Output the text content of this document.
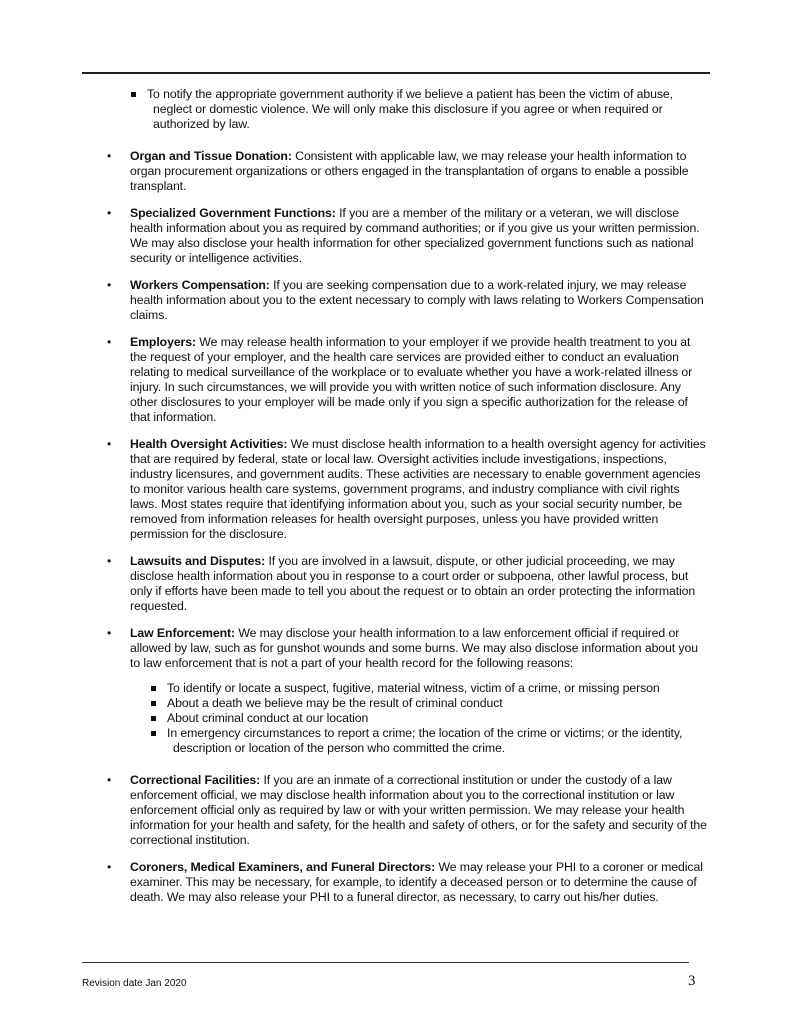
To notify the appropriate government authority if we believe a patient has been the victim of abuse, neglect or domestic violence. We will only make this disclosure if you agree or when required or authorized by law.
• Organ and Tissue Donation: Consistent with applicable law, we may release your health information to organ procurement organizations or others engaged in the transplantation of organs to enable a possible transplant.
• Specialized Government Functions: If you are a member of the military or a veteran, we will disclose health information about you as required by command authorities; or if you give us your written permission. We may also disclose your health information for other specialized government functions such as national security or intelligence activities.
• Workers Compensation: If you are seeking compensation due to a work-related injury, we may release health information about you to the extent necessary to comply with laws relating to Workers Compensation claims.
• Employers: We may release health information to your employer if we provide health treatment to you at the request of your employer, and the health care services are provided either to conduct an evaluation relating to medical surveillance of the workplace or to evaluate whether you have a work-related illness or injury. In such circumstances, we will provide you with written notice of such information disclosure. Any other disclosures to your employer will be made only if you sign a specific authorization for the release of that information.
• Health Oversight Activities: We must disclose health information to a health oversight agency for activities that are required by federal, state or local law. Oversight activities include investigations, inspections, industry licensures, and government audits. These activities are necessary to enable government agencies to monitor various health care systems, government programs, and industry compliance with civil rights laws. Most states require that identifying information about you, such as your social security number, be removed from information releases for health oversight purposes, unless you have provided written permission for the disclosure.
• Lawsuits and Disputes: If you are involved in a lawsuit, dispute, or other judicial proceeding, we may disclose health information about you in response to a court order or subpoena, other lawful process, but only if efforts have been made to tell you about the request or to obtain an order protecting the information requested.
• Law Enforcement: We may disclose your health information to a law enforcement official if required or allowed by law, such as for gunshot wounds and some burns. We may also disclose information about you to law enforcement that is not a part of your health record for the following reasons:
To identify or locate a suspect, fugitive, material witness, victim of a crime, or missing person
About a death we believe may be the result of criminal conduct
About criminal conduct at our location
In emergency circumstances to report a crime; the location of the crime or victims; or the identity, description or location of the person who committed the crime.
• Correctional Facilities: If you are an inmate of a correctional institution or under the custody of a law enforcement official, we may disclose health information about you to the correctional institution or law enforcement official only as required by law or with your written permission. We may release your health information for your health and safety, for the health and safety of others, or for the safety and security of the correctional institution.
• Coroners, Medical Examiners, and Funeral Directors: We may release your PHI to a coroner or medical examiner. This may be necessary, for example, to identify a deceased person or to determine the cause of death. We may also release your PHI to a funeral director, as necessary, to carry out his/her duties.
Revision date Jan 2020	3
